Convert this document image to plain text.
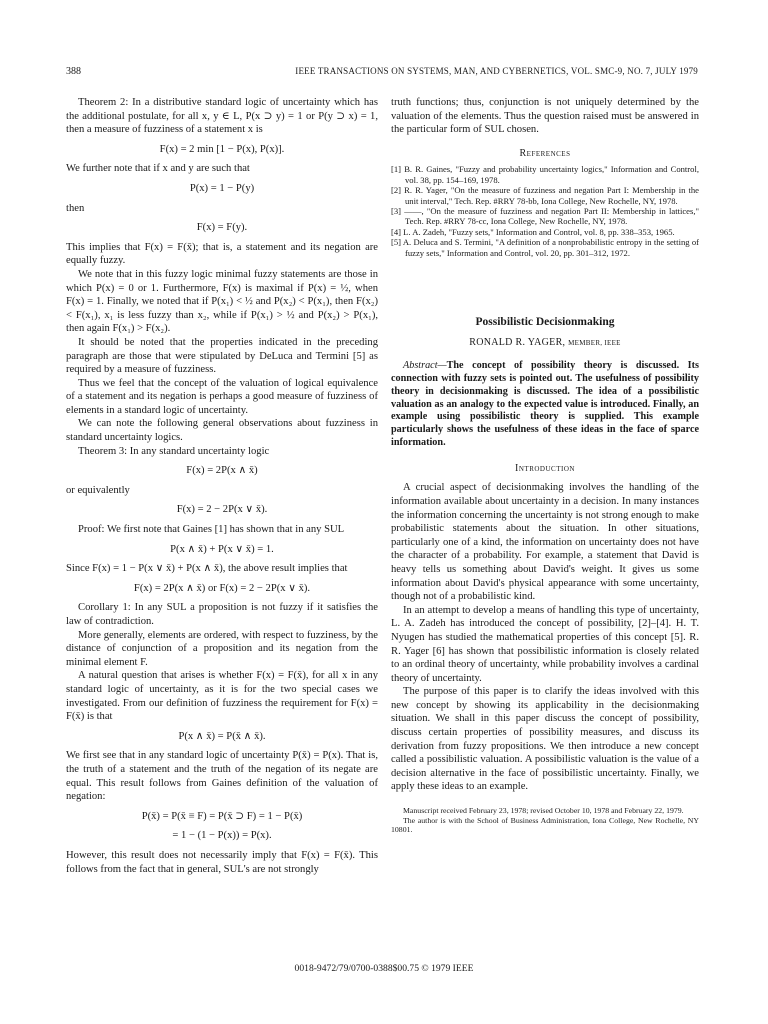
388	IEEE TRANSACTIONS ON SYSTEMS, MAN, AND CYBERNETICS, VOL. SMC-9, NO. 7, JULY 1979

Theorem 2: In a distributive standard logic of uncertainty which has the additional postulate, for all x, y ∈ L, P(x ⊃ y) = 1 or P(y ⊃ x) = 1, then a measure of fuzziness of a statement x is

F(x) = 2 min [1 − P(x), P(x)].

We further note that if x and y are such that

P(x) = 1 − P(y)

then

F(x) = F(y).

This implies that F(x) = F(x̄); that is, a statement and its negation are equally fuzzy.

We note that in this fuzzy logic minimal fuzzy statements are those in which P(x) = 0 or 1. Furthermore, F(x) is maximal if P(x) = ½, when F(x) = 1. Finally, we noted that if P(x₁) < ½ and P(x₂) < P(x₁), then F(x₂) < F(x₁), x₁ is less fuzzy than x₂, while if P(x₁) > ½ and P(x₂) > P(x₁), then again F(x₁) > F(x₂).

It should be noted that the properties indicated in the preceding paragraph are those that were stipulated by DeLuca and Termini [5] as required by a measure of fuzziness.

Thus we feel that the concept of the valuation of logical equivalence of a statement and its negation is perhaps a good measure of fuzziness of elements in a standard logic of uncertainty.

We can note the following general observations about fuzziness in standard uncertainty logics.

Theorem 3: In any standard uncertainty logic

F(x) = 2P(x ∧ x̄)

or equivalently

F(x) = 2 − 2P(x ∨ x̄).

Proof: We first note that Gaines [1] has shown that in any SUL

P(x ∧ x̄) + P(x ∨ x̄) = 1.

Since F(x) = 1 − P(x ∨ x̄) + P(x ∧ x̄), the above result implies that

F(x) = 2P(x ∧ x̄) or F(x) = 2 − 2P(x ∨ x̄).

Corollary 1: In any SUL a proposition is not fuzzy if it satisfies the law of contradiction.

More generally, elements are ordered, with respect to fuzziness, by the distance of conjunction of a proposition and its negation from the minimal element F.

A natural question that arises is whether F(x) = F(x̄), for all x in any standard logic of uncertainty, as it is for the two special cases we investigated. From our definition of fuzziness the requirement for F(x) = F(x̄) is that

P(x ∧ x̄) = P(x̄ ∧ x̄).

We first see that in any standard logic of uncertainty P(x̄) = P(x). That is, the truth of a statement and the truth of the negation of its negate are equal. This result follows from Gaines definition of the valuation of negation:

P(x̄) = P(x̄ ≡ F) = P(x̄ ⊃ F) = 1 − P(x̄)
= 1 − (1 − P(x)) = P(x).

However, this result does not necessarily imply that F(x) = F(x̄). This follows from the fact that in general, SUL's are not strongly

truth functions; thus, conjunction is not uniquely determined by the valuation of the elements. Thus the question raised must be answered in the particular form of SUL chosen.

References

[1] B. R. Gaines, "Fuzzy and probability uncertainty logics," Information and Control, vol. 38, pp. 154–169, 1978.

[2] R. R. Yager, "On the measure of fuzziness and negation Part I: Membership in the unit interval," Tech. Rep. #RRY 78-bb, Iona College, New Rochelle, NY, 1978.

[3] ——, "On the measure of fuzziness and negation Part II: Membership in lattices," Tech. Rep. #RRY 78-cc, Iona College, New Rochelle, NY, 1978.

[4] L. A. Zadeh, "Fuzzy sets," Information and Control, vol. 8, pp. 338–353, 1965.

[5] A. Deluca and S. Termini, "A definition of a nonprobabilistic entropy in the setting of fuzzy sets," Information and Control, vol. 20, pp. 301–312, 1972.

Possibilistic Decisionmaking
RONALD R. YAGER, MEMBER, IEEE

Abstract—The concept of possibility theory is discussed. Its connection with fuzzy sets is pointed out. The usefulness of possibility theory in decisionmaking is discussed. The idea of a possibilistic valuation as an analogy to the expected value is introduced. Finally, an example using possibilistic theory is supplied. This example particularly shows the usefulness of these ideas in the face of sparce information.

Introduction

A crucial aspect of decisionmaking involves the handling of the information available about uncertainty in a decision. In many instances the information concerning the uncertainty is not strong enough to make probabilistic statements about the situation. In other situations, particularly one of a kind, the information on uncertainty does not have the character of a probability. For example, a statement that David is heavy tells us something about David's weight. It gives us some information about David's physical appearance with some uncertainty, though not of a probabilistic kind.

In an attempt to develop a means of handling this type of uncertainty, L. A. Zadeh has introduced the concept of possibility, [2]–[4]. H. T. Nyugen has studied the mathematical properties of this concept [5]. R. R. Yager [6] has shown that possibilistic information is closely related to an ordinal theory of uncertainty, while probability involves a cardinal theory of uncertainty.

The purpose of this paper is to clarify the ideas involved with this new concept by showing its applicability in the decisionmaking situation. We shall in this paper discuss the concept of possibility, discuss certain properties of possibility measures, and discuss its derivation from fuzzy propositions. We then introduce a new concept called a possibilistic valuation. A possibilistic valuation is the value of a decision alternative in the face of possibilistic uncertainty. Finally, we apply these ideas to an example.

Manuscript received February 23, 1978; revised October 10, 1978 and February 22, 1979.

The author is with the School of Business Administration, Iona College, New Rochelle, NY 10801.

0018-9472/79/0700-0388$00.75 © 1979 IEEE
